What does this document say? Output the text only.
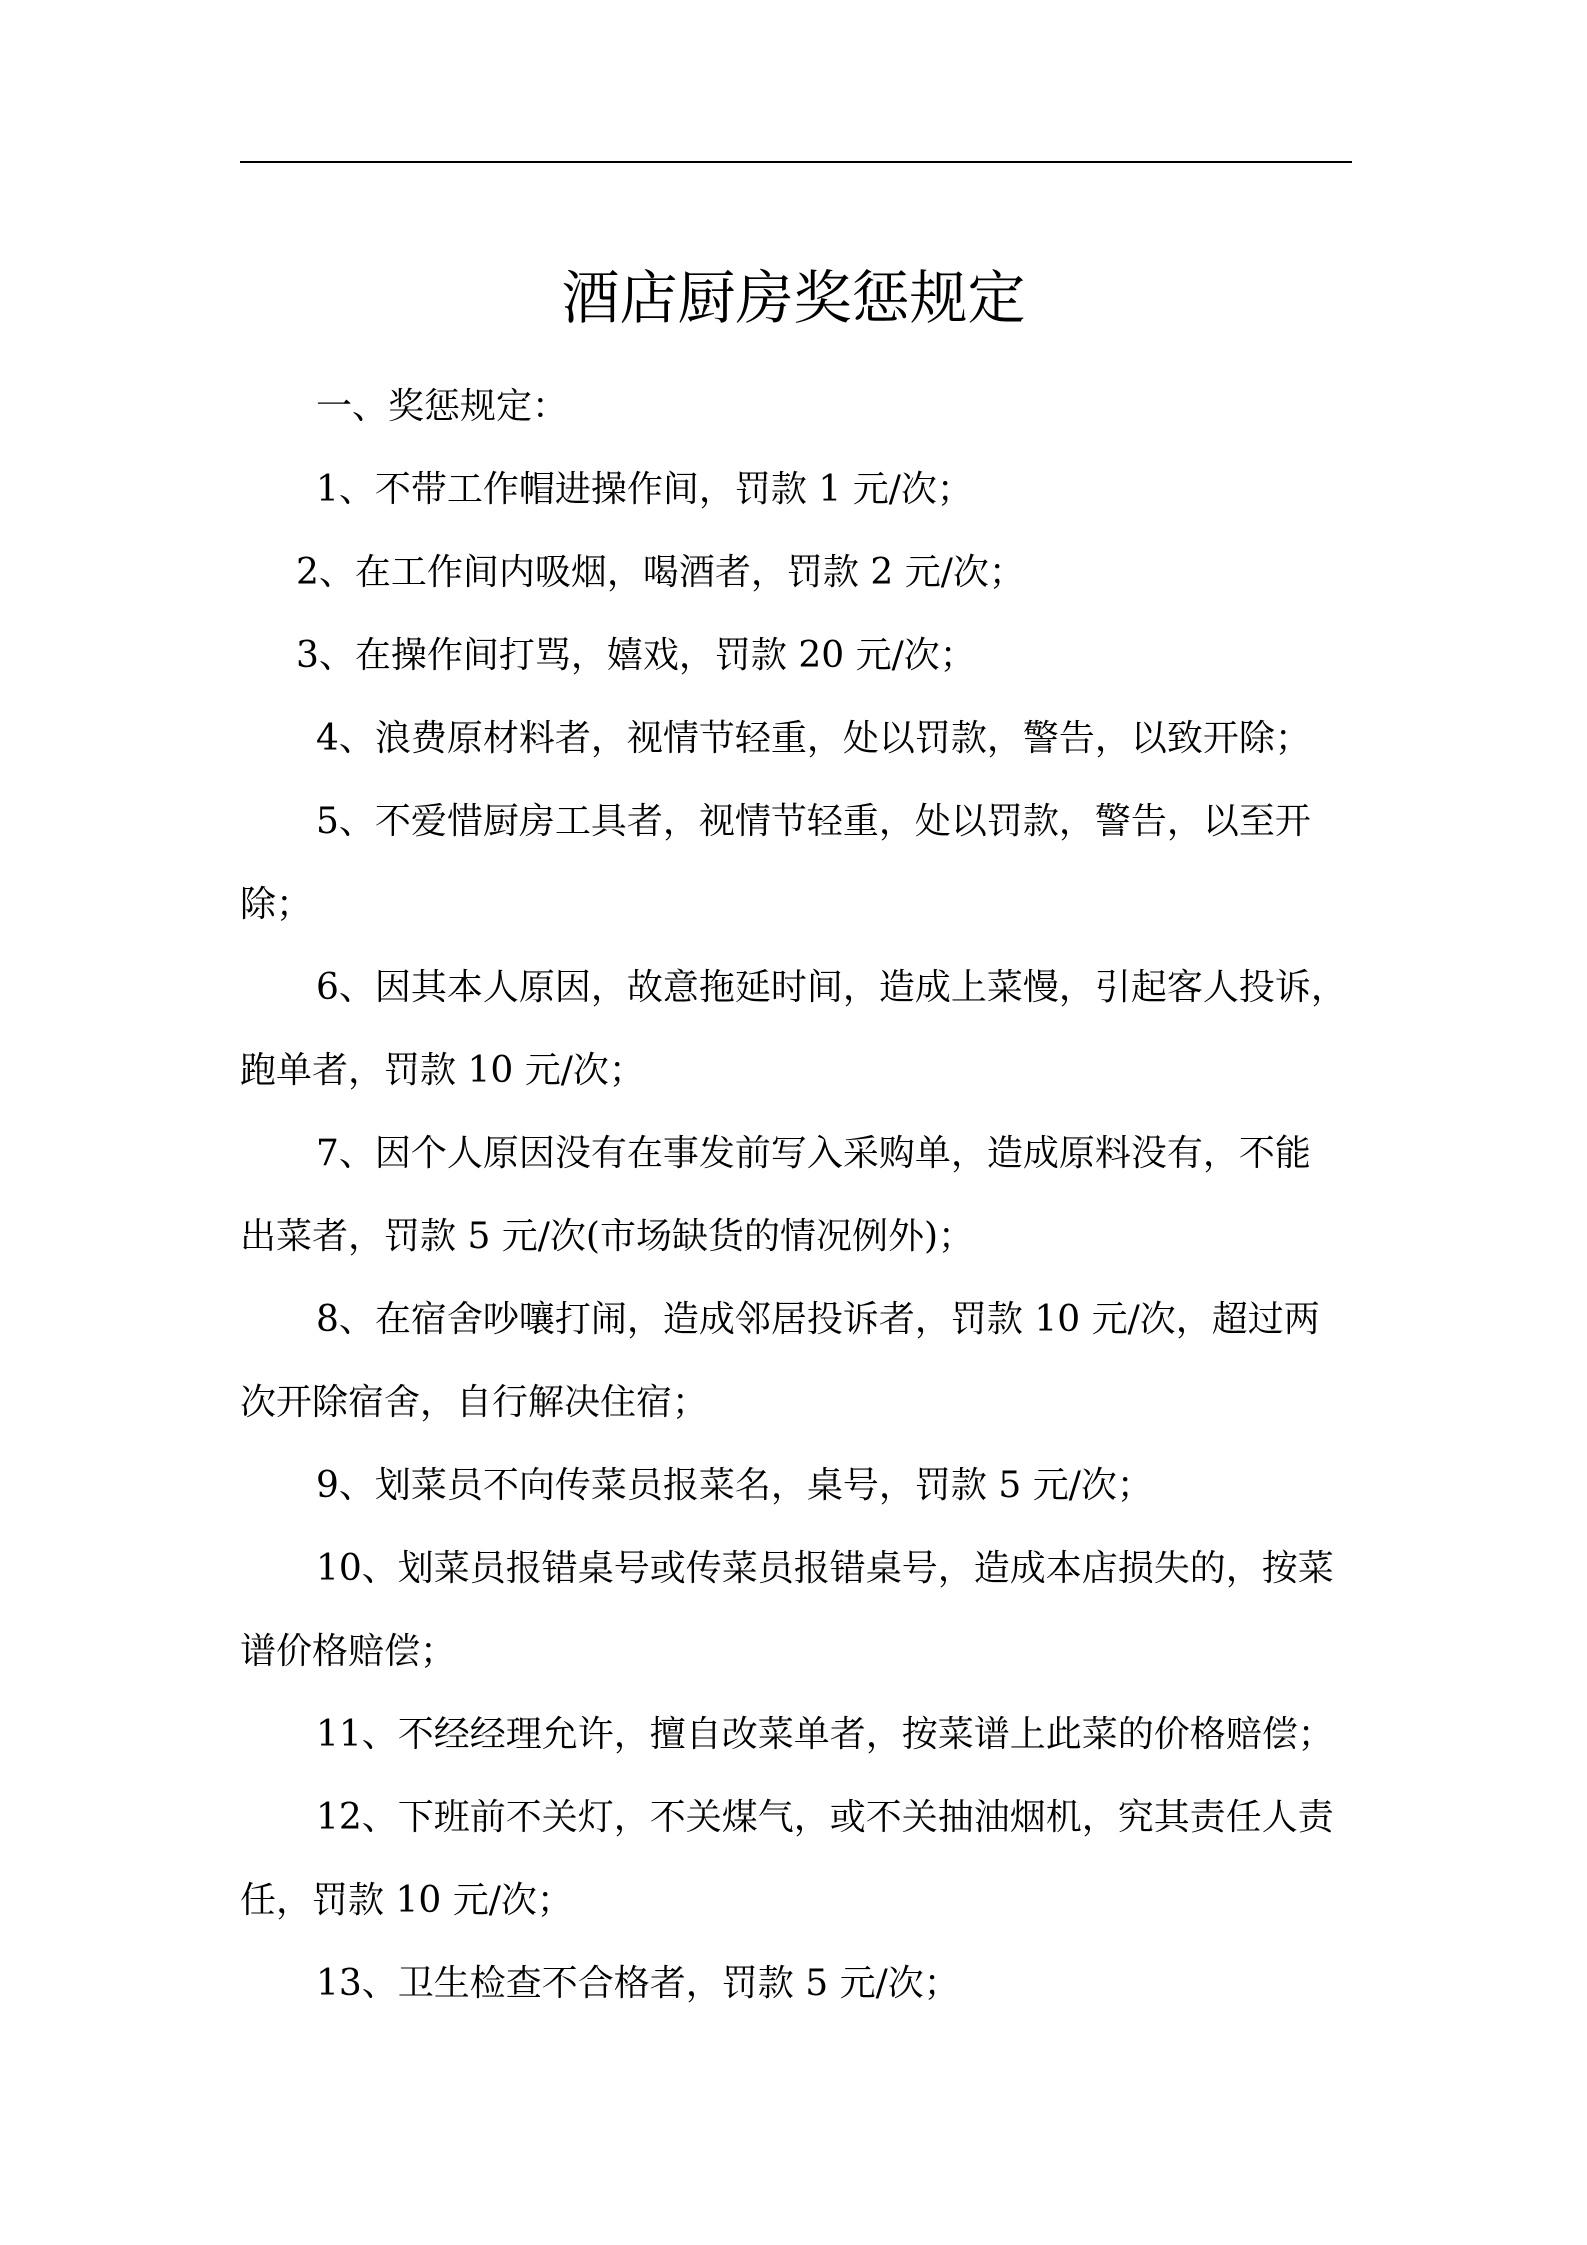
酒店厨房奖惩规定
一、奖惩规定：
1、不带工作帽进操作间，罚款 1 元/次；
2、在工作间内吸烟，喝酒者，罚款 2 元/次；
3、在操作间打骂，嬉戏，罚款 20 元/次；
4、浪费原材料者，视情节轻重，处以罚款，警告，以致开除；
5、不爱惜厨房工具者，视情节轻重，处以罚款，警告，以至开
除；
6、因其本人原因，故意拖延时间，造成上菜慢，引起客人投诉，
跑单者，罚款 10 元/次；
7、因个人原因没有在事发前写入采购单，造成原料没有，不能
出菜者，罚款 5 元/次(市场缺货的情况例外)；
8、在宿舍吵嚷打闹，造成邻居投诉者，罚款 10 元/次，超过两
次开除宿舍，自行解决住宿；
9、划菜员不向传菜员报菜名，桌号，罚款 5 元/次；
10、划菜员报错桌号或传菜员报错桌号，造成本店损失的，按菜
谱价格赔偿；
11、不经经理允许，擅自改菜单者，按菜谱上此菜的价格赔偿；
12、下班前不关灯，不关煤气，或不关抽油烟机，究其责任人责
任，罚款 10 元/次；
13、卫生检查不合格者，罚款 5 元/次；
